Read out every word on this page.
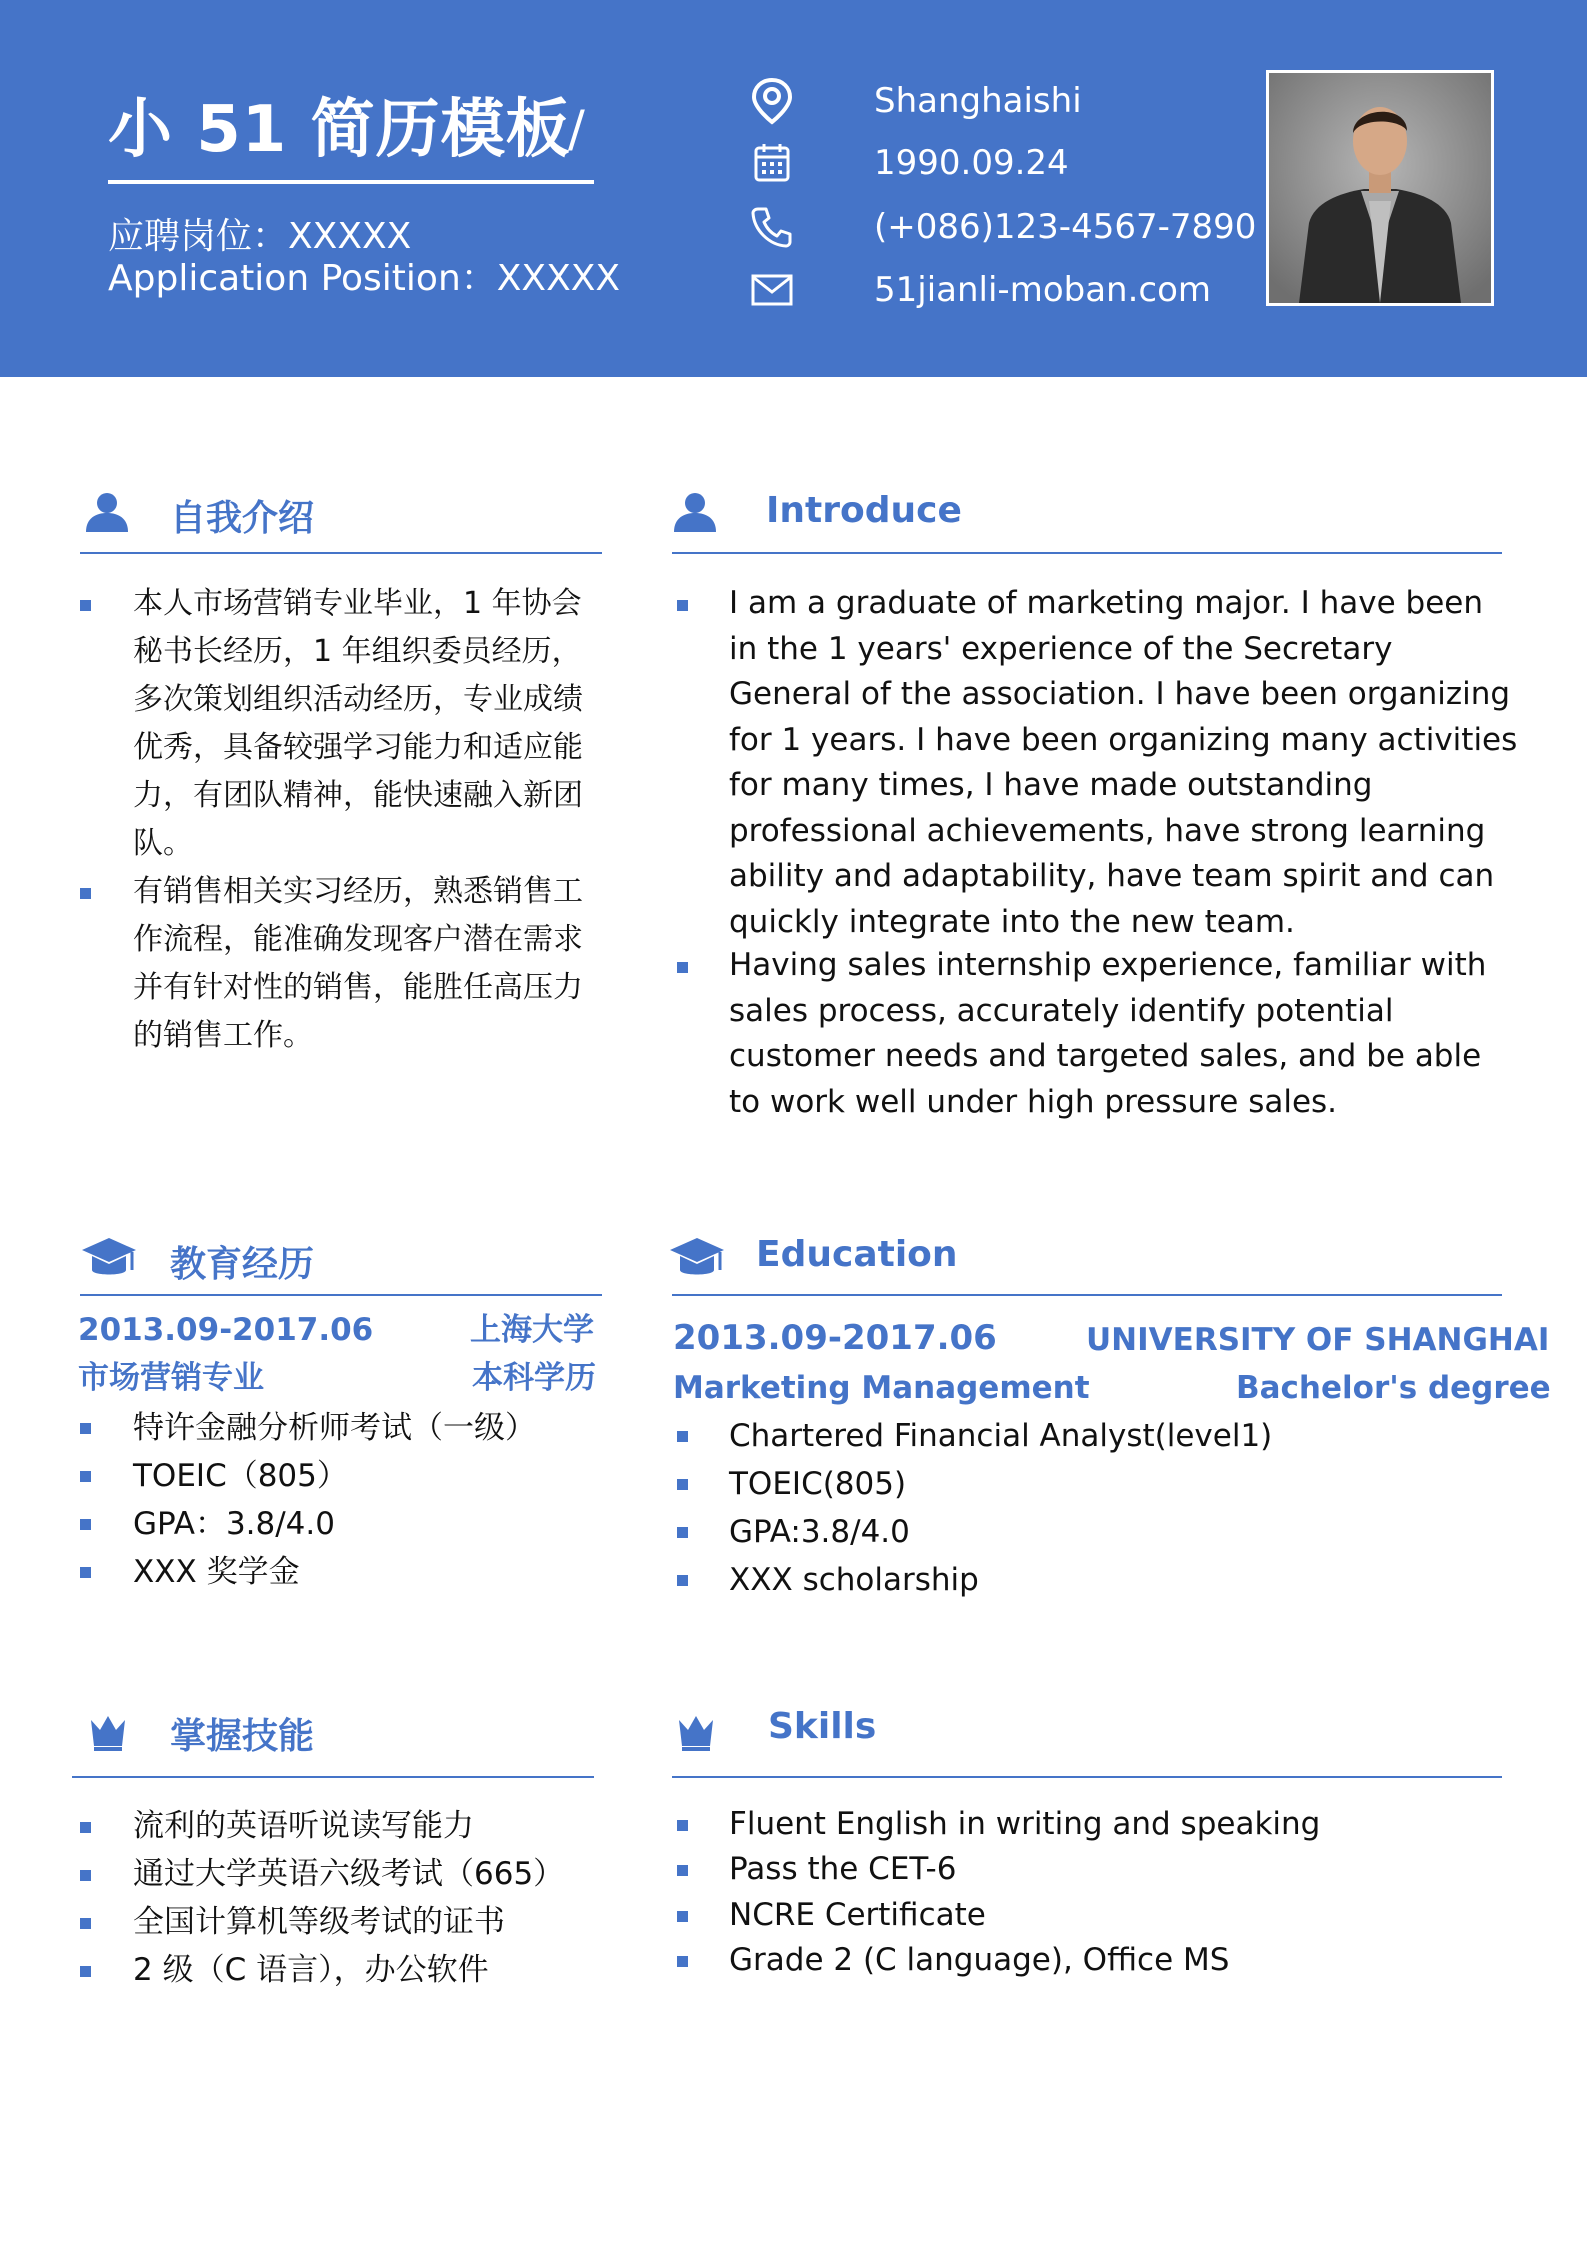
小 51 简历模板
/
应聘岗位：XXXXX
Application Position：XXXXX
Shanghaishi
1990.09.24
(+086)123-4567-7890
51jianli-moban.com
自我介绍
本人市场营销专业毕业，1 年协会秘书长经历，1 年组织委员经历，多次策划组织活动经历，专业成绩优秀，具备较强学习能力和适应能力，有团队精神，能快速融入新团队。
有销售相关实习经历，熟悉销售工作流程，能准确发现客户潜在需求并有针对性的销售，能胜任高压力的销售工作。
Introduce
I am a graduate of marketing major. I have been in the 1 years' experience of the Secretary General of the association. I have been organizing for 1 years. I have been organizing many activities for many times, I have made outstanding professional achievements, have strong learning ability and adaptability, have team spirit and can quickly integrate into the new team.
Having sales internship experience, familiar with sales process, accurately identify potential customer needs and targeted sales, and be able to work well under high pressure sales.
教育经历
2013.09-2017.06	上海大学
市场营销专业	本科学历
特许金融分析师考试（一级）
TOEIC（805）
GPA：3.8/4.0
XXX 奖学金
Education
2013.09-2017.06	UNIVERSITY OF SHANGHAI
Marketing Management	Bachelor's degree
Chartered Financial Analyst(level1)
TOEIC(805)
GPA:3.8/4.0
XXX scholarship
掌握技能
流利的英语听说读写能力
通过大学英语六级考试（665）
全国计算机等级考试的证书
2 级（C 语言），办公软件
Skills
Fluent English in writing and speaking
Pass the CET-6
NCRE Certificate
Grade 2 (C language), Office MS
